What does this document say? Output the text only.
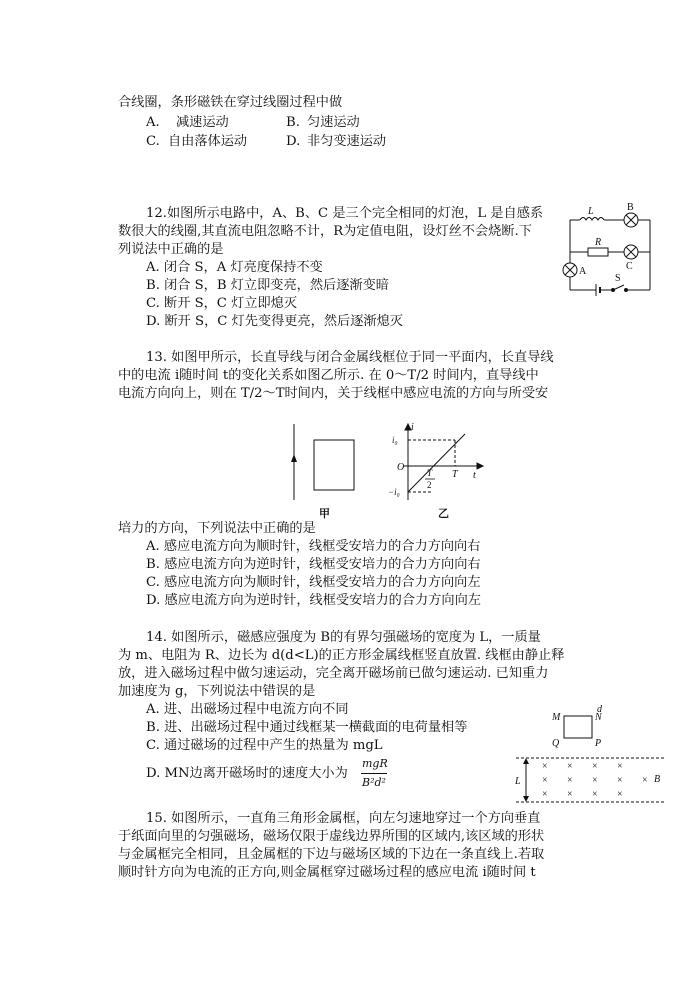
合线圈，条形磁铁在穿过线圈过程中做
A. 减速运动	B. 匀速运动
C. 自由落体运动	D. 非匀变速运动
12.如图所示电路中，A、B、C 是三个完全相同的灯泡，L 是自感系
数很大的线圈,其直流电阻忽略不计，R为定值电阻，设灯丝不会烧断.下
列说法中正确的是
A. 闭合 S，A 灯亮度保持不变
B. 闭合 S，B 灯立即变亮，然后逐渐变暗
C. 断开 S，C 灯立即熄灭
D. 断开 S，C 灯先变得更亮，然后逐渐熄灭
L
R
B
C
A
S
13. 如图甲所示，长直导线与闭合金属线框位于同一平面内，长直导线
中的电流 i随时间 t的变化关系如图乙所示. 在 0～T/2 时间内，直导线中
电流方向向上，则在 T/2～T时间内，关于线框中感应电流的方向与所受安
甲
i
i₀
O
−i₀
T
2
T t
乙
培力的方向，下列说法中正确的是
A. 感应电流方向为顺时针，线框受安培力的合力方向向右
B. 感应电流方向为逆时针，线框受安培力的合力方向向右
C. 感应电流方向为顺时针，线框受安培力的合力方向向左
D. 感应电流方向为逆时针，线框受安培力的合力方向向左
14. 如图所示，磁感应强度为 B的有界匀强磁场的宽度为 L，一质量
为 m、电阻为 R、边长为 d(d<L)的正方形金属线框竖直放置. 线框由静止释
放，进入磁场过程中做匀速运动，完全离开磁场前已做匀速运动. 已知重力
加速度为 g，下列说法中错误的是
A. 进、出磁场过程中电流方向不同
B. 进、出磁场过程中通过线框某一横截面的电荷量相等
C. 通过磁场的过程中产生的热量为 mgL
D. MN边离开磁场时的速度大小为
mgR
B²d²
d
M	N
Q	P
L	B
× × × ×
× × × × ×
× × × ×
15. 如图所示，一直角三角形金属框，向左匀速地穿过一个方向垂直
于纸面向里的匀强磁场，磁场仅限于虚线边界所围的区域内,该区域的形状
与金属框完全相同，且金属框的下边与磁场区域的下边在一条直线上.若取
顺时针方向为电流的正方向,则金属框穿过磁场过程的感应电流 i随时间 t
